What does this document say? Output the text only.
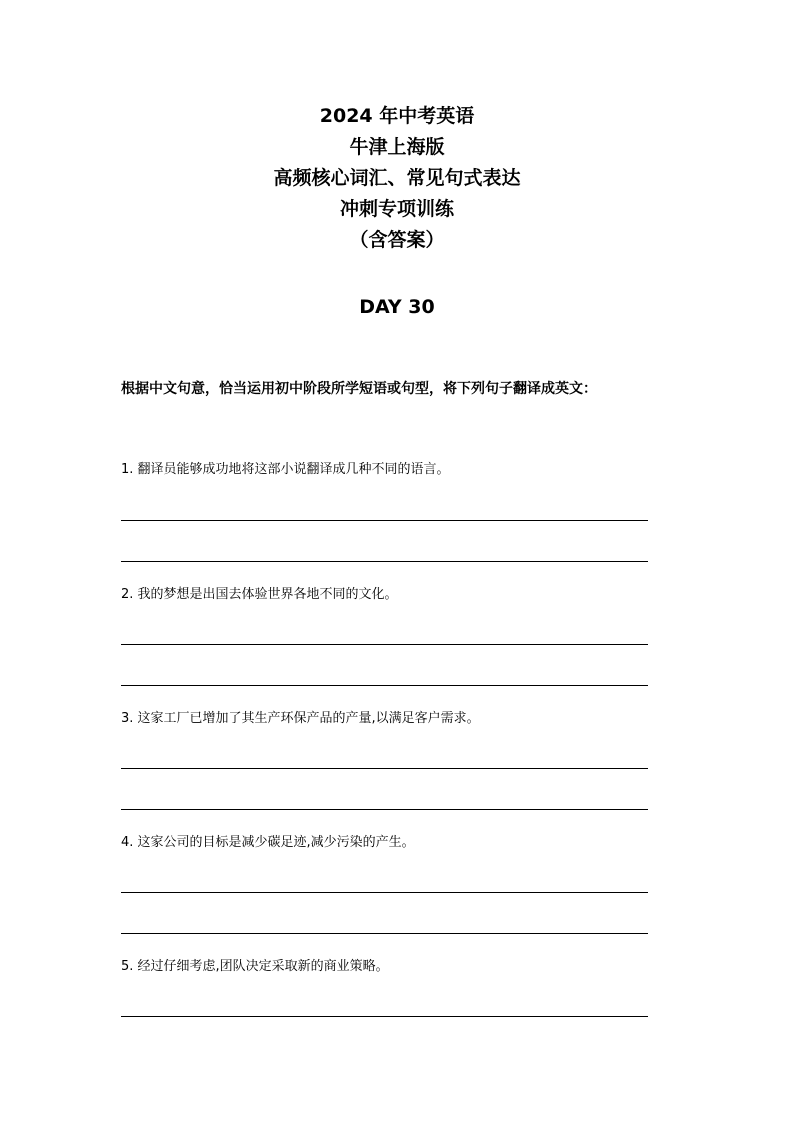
2024 年中考英语
牛津上海版
高频核心词汇、常见句式表达
冲刺专项训练
（含答案）
DAY 30
根据中文句意，恰当运用初中阶段所学短语或句型，将下列句子翻译成英文：
1. 翻译员能够成功地将这部小说翻译成几种不同的语言。
2. 我的梦想是出国去体验世界各地不同的文化。
3. 这家工厂已增加了其生产环保产品的产量,以满足客户需求。
4. 这家公司的目标是减少碳足迹,减少污染的产生。
5. 经过仔细考虑,团队决定采取新的商业策略。
